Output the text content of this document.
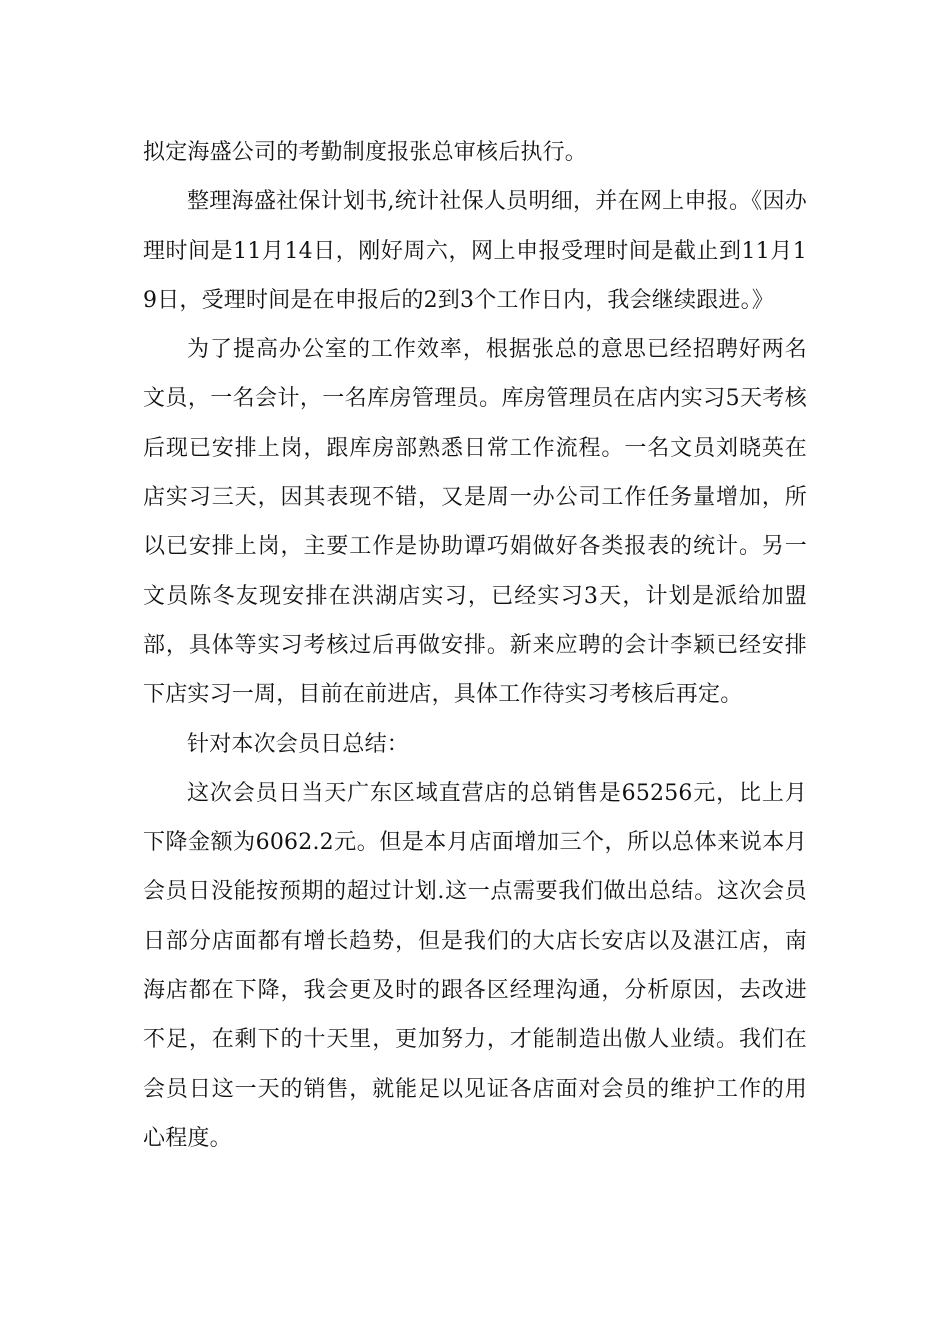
拟定海盛公司的考勤制度报张总审核后执行。

整理海盛社保计划书,统计社保人员明细，并在网上申报。《因办理时间是11月14日，刚好周六，网上申报受理时间是截止到11月19日，受理时间是在申报后的2到3个工作日内，我会继续跟进。》

为了提高办公室的工作效率，根据张总的意思已经招聘好两名文员，一名会计，一名库房管理员。库房管理员在店内实习5天考核后现已安排上岗，跟库房部熟悉日常工作流程。一名文员刘晓英在店实习三天，因其表现不错，又是周一办公司工作任务量增加，所以已安排上岗，主要工作是协助谭巧娟做好各类报表的统计。另一文员陈冬友现安排在洪湖店实习，已经实习3天，计划是派给加盟部，具体等实习考核过后再做安排。新来应聘的会计李颖已经安排下店实习一周，目前在前进店，具体工作待实习考核后再定。

针对本次会员日总结：

这次会员日当天广东区域直营店的总销售是65256元，比上月下降金额为6062.2元。但是本月店面增加三个，所以总体来说本月会员日没能按预期的超过计划.这一点需要我们做出总结。这次会员日部分店面都有增长趋势，但是我们的大店长安店以及湛江店，南海店都在下降，我会更及时的跟各区经理沟通，分析原因，去改进不足，在剩下的十天里，更加努力，才能制造出傲人业绩。我们在会员日这一天的销售，就能足以见证各店面对会员的维护工作的用心程度。
